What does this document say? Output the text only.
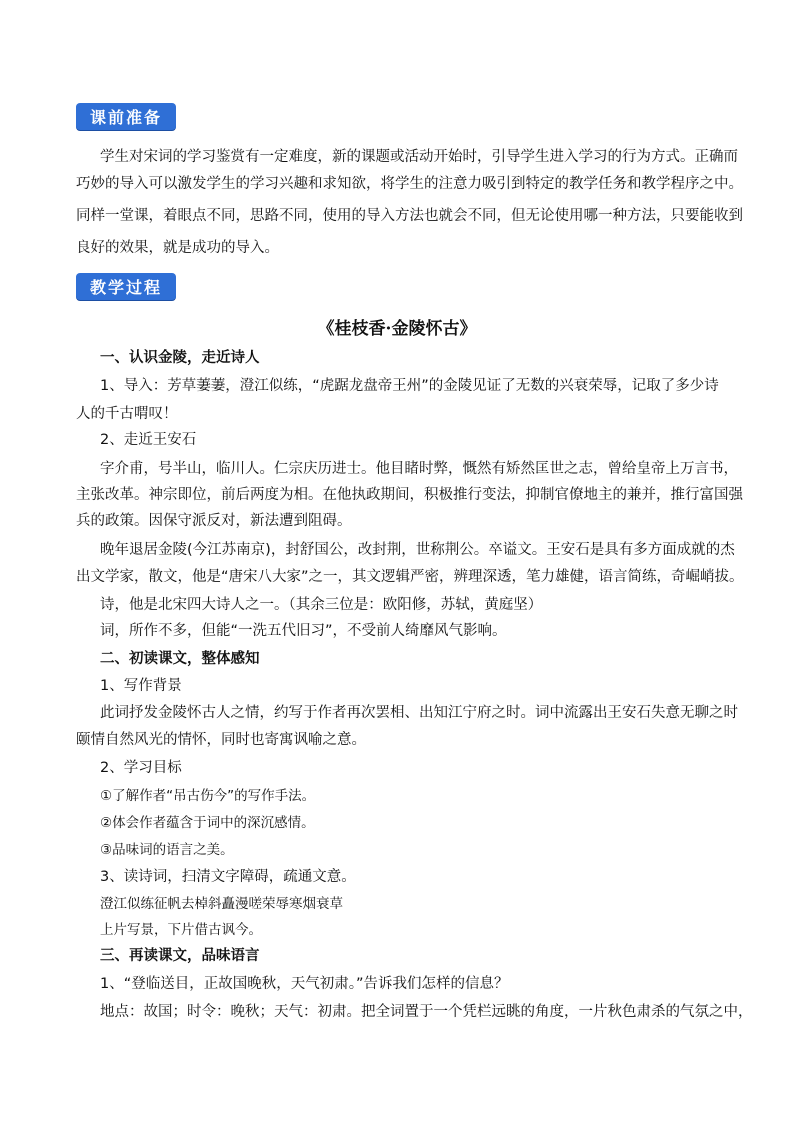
课前准备
学生对宋词的学习鉴赏有一定难度，新的课题或活动开始时，引导学生进入学习的行为方式。正确而
巧妙的导入可以激发学生的学习兴趣和求知欲，将学生的注意力吸引到特定的教学任务和教学程序之中。
同样一堂课，着眼点不同，思路不同，使用的导入方法也就会不同，但无论使用哪一种方法，只要能收到
良好的效果，就是成功的导入。
教学过程
《桂枝香·金陵怀古》
一、认识金陵，走近诗人
1、导入：芳草萋萋，澄江似练，“虎踞龙盘帝王州”的金陵见证了无数的兴衰荣辱，记取了多少诗
人的千古喟叹！
2、走近王安石
字介甫，号半山，临川人。仁宗庆历进士。他目睹时弊，慨然有矫然匡世之志，曾给皇帝上万言书，
主张改革。神宗即位，前后两度为相。在他执政期间，积极推行变法，抑制官僚地主的兼并，推行富国强
兵的政策。因保守派反对，新法遭到阻碍。
晚年退居金陵(今江苏南京)，封舒国公，改封荆，世称荆公。卒谥文。王安石是具有多方面成就的杰
出文学家，散文，他是“唐宋八大家”之一，其文逻辑严密，辨理深透，笔力雄健，语言简练，奇崛峭拔。
诗，他是北宋四大诗人之一。（其余三位是：欧阳修，苏轼，黄庭坚）
词，所作不多，但能“一洗五代旧习”，不受前人绮靡风气影响。
二、初读课文，整体感知
1、写作背景
此词抒发金陵怀古人之情，约写于作者再次罢相、出知江宁府之时。词中流露出王安石失意无聊之时
颐情自然风光的情怀，同时也寄寓讽喻之意。
2、学习目标
①了解作者“吊古伤今”的写作手法。
②体会作者蕴含于词中的深沉感情。
③品味词的语言之美。
3、读诗词，扫清文字障碍，疏通文意。
澄江似练征帆去棹斜矗漫嗟荣辱寒烟衰草
上片写景，下片借古讽今。
三、再读课文，品味语言
1、“登临送目，正故国晚秋，天气初肃。”告诉我们怎样的信息？
地点：故国；时令：晚秋；天气：初肃。把全词置于一个凭栏远眺的角度，一片秋色肃杀的气氛之中，
